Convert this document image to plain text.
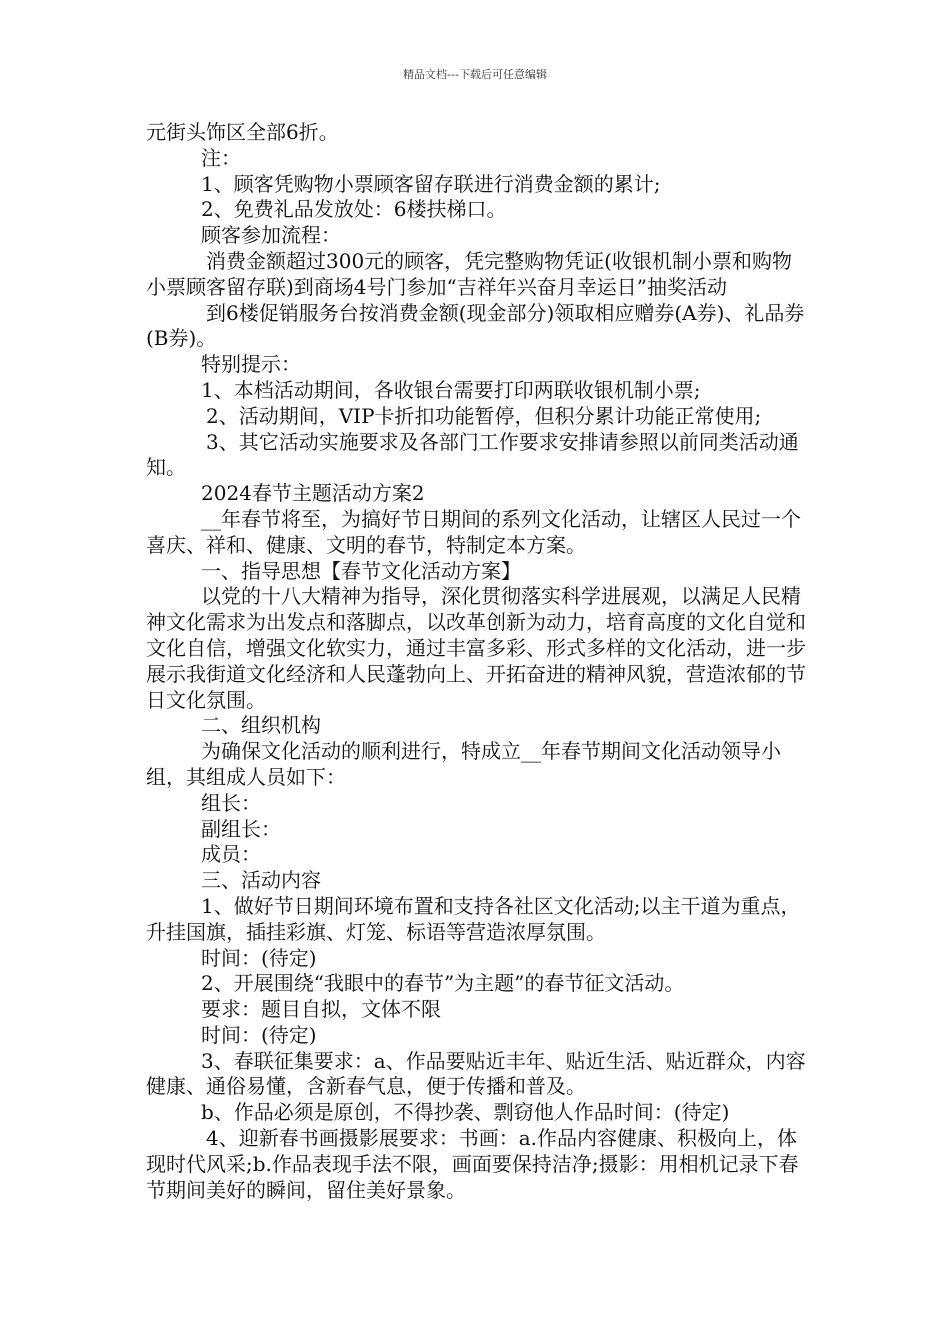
精品文档---下载后可任意编辑

元街头饰区全部6折。

注：

1、顾客凭购物小票顾客留存联进行消费金额的累计;

2、免费礼品发放处：6楼扶梯口。

顾客参加流程：

消费金额超过300元的顾客，凭完整购物凭证(收银机制小票和购物小票顾客留存联)到商场4号门参加“吉祥年兴奋月幸运日”抽奖活动

到6楼促销服务台按消费金额(现金部分)领取相应赠券(A券)、礼品券(B券)。

特别提示：

1、本档活动期间，各收银台需要打印两联收银机制小票;

2、活动期间，VIP卡折扣功能暂停，但积分累计功能正常使用;

3、其它活动实施要求及各部门工作要求安排请参照以前同类活动通知。

2024春节主题活动方案2

__年春节将至，为搞好节日期间的系列文化活动，让辖区人民过一个喜庆、祥和、健康、文明的春节，特制定本方案。

一、指导思想【春节文化活动方案】

以党的十八大精神为指导，深化贯彻落实科学进展观，以满足人民精神文化需求为出发点和落脚点，以改革创新为动力，培育高度的文化自觉和文化自信，增强文化软实力，通过丰富多彩、形式多样的文化活动，进一步展示我街道文化经济和人民蓬勃向上、开拓奋进的精神风貌，营造浓郁的节日文化氛围。

二、组织机构

为确保文化活动的顺利进行，特成立__年春节期间文化活动领导小组，其组成人员如下：

组长：

副组长：

成员：

三、活动内容

1、做好节日期间环境布置和支持各社区文化活动;以主干道为重点，升挂国旗，插挂彩旗、灯笼、标语等营造浓厚氛围。

时间：(待定)

2、开展围绕“我眼中的春节”为主题”的春节征文活动。

要求：题目自拟，文体不限

时间：(待定)

3、春联征集要求：a、作品要贴近丰年、贴近生活、贴近群众，内容健康、通俗易懂，含新春气息，便于传播和普及。

b、作品必须是原创，不得抄袭、剽窃他人作品时间：(待定)

4、迎新春书画摄影展要求：书画：a.作品内容健康、积极向上，体现时代风采;b.作品表现手法不限，画面要保持洁净;摄影：用相机记录下春节期间美好的瞬间，留住美好景象。
